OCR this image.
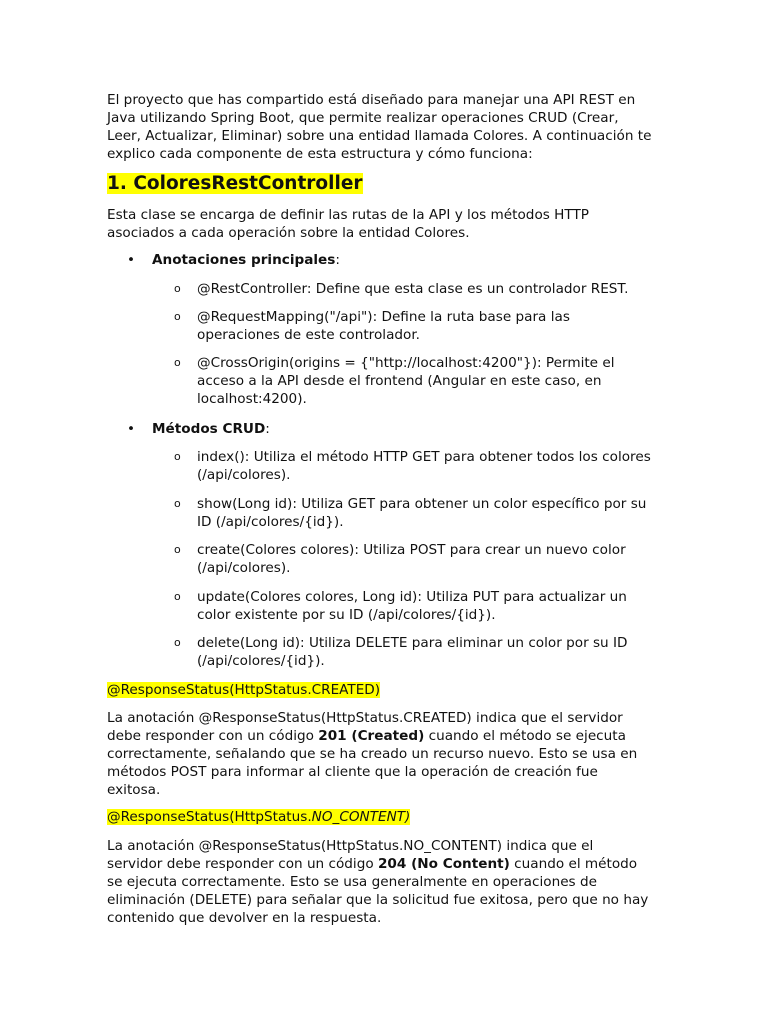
El proyecto que has compartido está diseñado para manejar una API REST en
Java utilizando Spring Boot, que permite realizar operaciones CRUD (Crear,
Leer, Actualizar, Eliminar) sobre una entidad llamada Colores. A continuación te
explico cada componente de esta estructura y cómo funciona:
1. ColoresRestController
Esta clase se encarga de definir las rutas de la API y los métodos HTTP
asociados a cada operación sobre la entidad Colores.
• Anotaciones principales:
o @RestController: Define que esta clase es un controlador REST.
o @RequestMapping("/api"): Define la ruta base para las
operaciones de este controlador.
o @CrossOrigin(origins = {"http://localhost:4200"}): Permite el
acceso a la API desde el frontend (Angular en este caso, en
localhost:4200).
• Métodos CRUD:
o index(): Utiliza el método HTTP GET para obtener todos los colores
(/api/colores).
o show(Long id): Utiliza GET para obtener un color específico por su
ID (/api/colores/{id}).
o create(Colores colores): Utiliza POST para crear un nuevo color
(/api/colores).
o update(Colores colores, Long id): Utiliza PUT para actualizar un
color existente por su ID (/api/colores/{id}).
o delete(Long id): Utiliza DELETE para eliminar un color por su ID
(/api/colores/{id}).
@ResponseStatus(HttpStatus.CREATED)
La anotación @ResponseStatus(HttpStatus.CREATED) indica que el servidor
debe responder con un código 201 (Created) cuando el método se ejecuta
correctamente, señalando que se ha creado un recurso nuevo. Esto se usa en
métodos POST para informar al cliente que la operación de creación fue
exitosa.
@ResponseStatus(HttpStatus.NO_CONTENT)
La anotación @ResponseStatus(HttpStatus.NO_CONTENT) indica que el
servidor debe responder con un código 204 (No Content) cuando el método
se ejecuta correctamente. Esto se usa generalmente en operaciones de
eliminación (DELETE) para señalar que la solicitud fue exitosa, pero que no hay
contenido que devolver en la respuesta.
